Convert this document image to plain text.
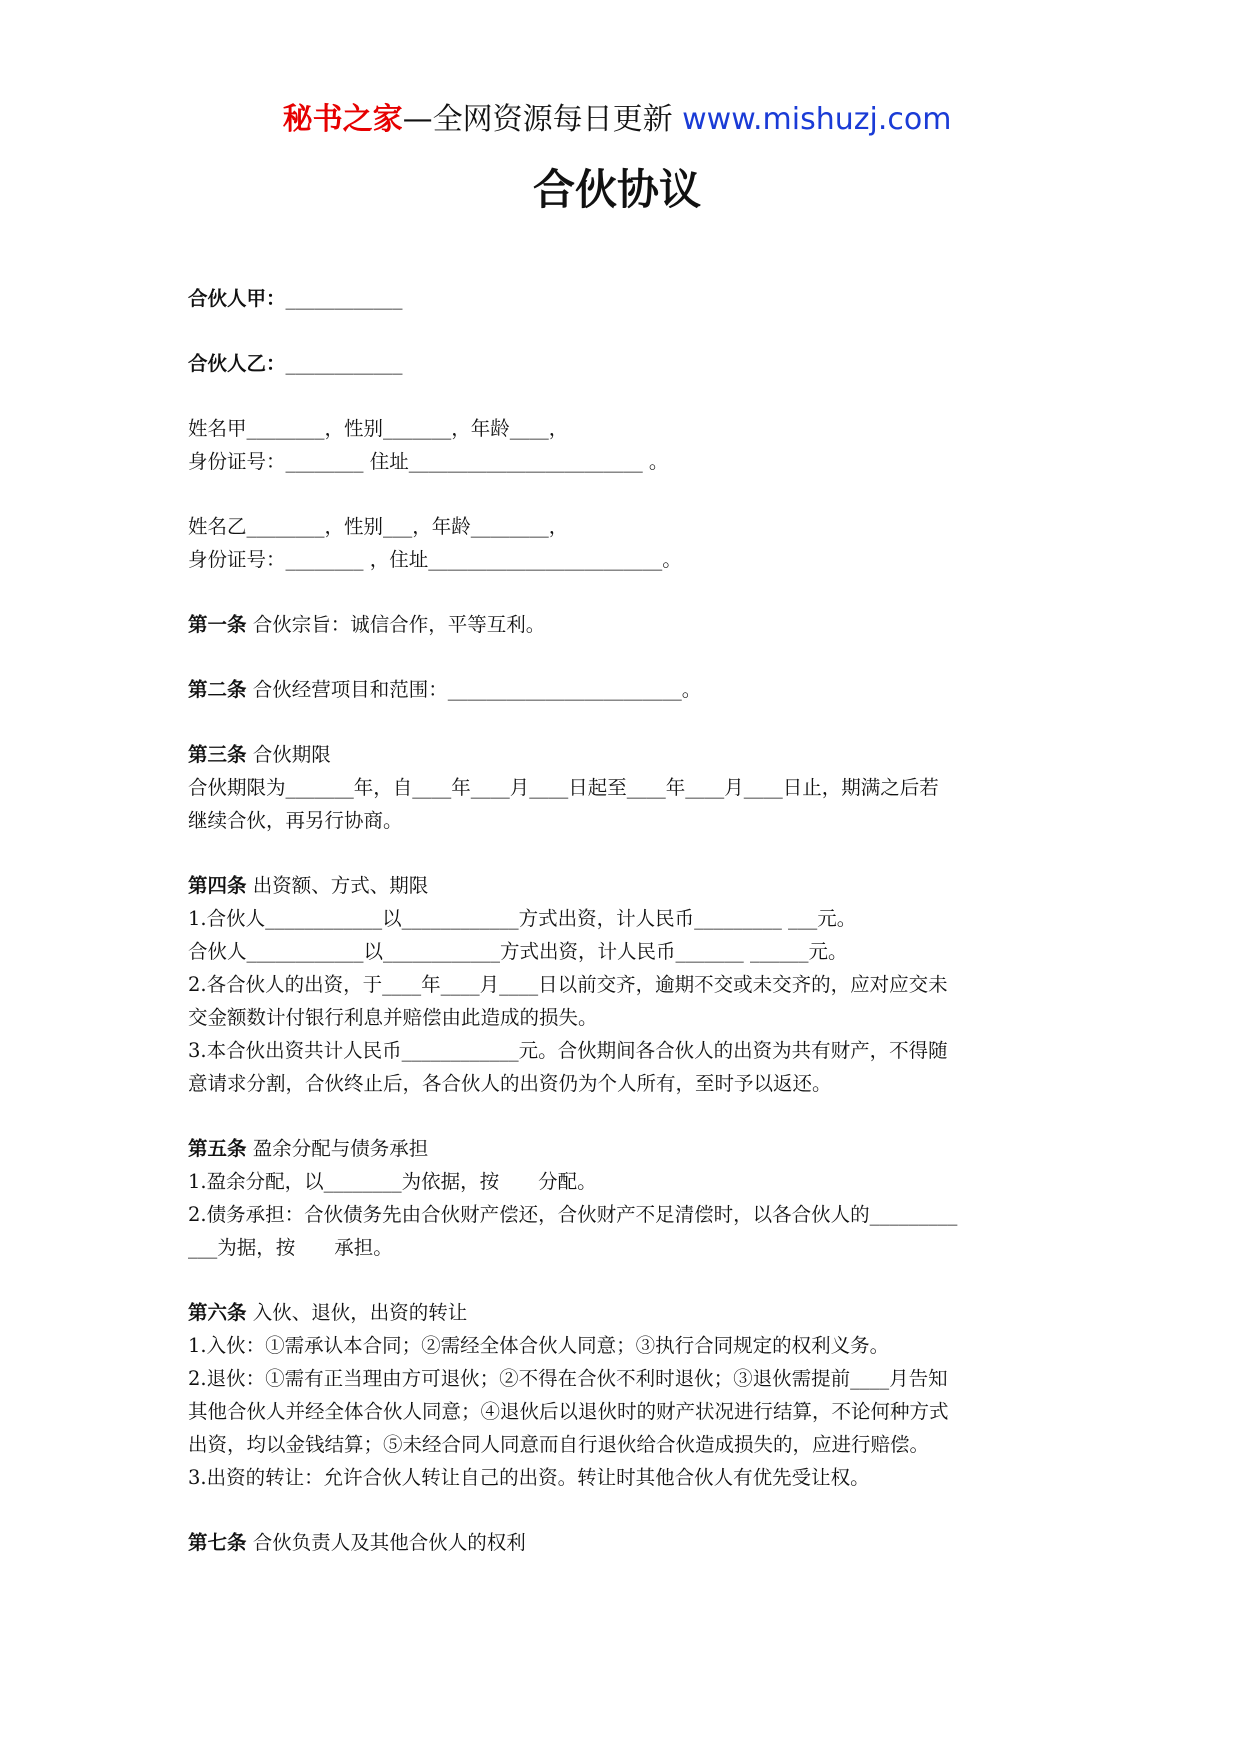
秘书之家—全网资源每日更新 www.mishuzj.com
合伙协议

合伙人甲：____________

合伙人乙：____________

姓名甲________，性别_______，年龄____，

身份证号：________ 住址________________________ 。

姓名乙________，性别___，年龄________，

身份证号：________ ，住址________________________。

第一条 合伙宗旨：诚信合作，平等互利。

第二条 合伙经营项目和范围：________________________。

第三条 合伙期限

合伙期限为_______年，自____年____月____日起至____年____月____日止，期满之后若

继续合伙，再另行协商。

第四条 出资额、方式、期限

1.合伙人____________以____________方式出资，计人民币_________ ___元。

合伙人____________以____________方式出资，计人民币_______ ______元。

2.各合伙人的出资，于____年____月____日以前交齐，逾期不交或未交齐的，应对应交未

交金额数计付银行利息并赔偿由此造成的损失。

3.本合伙出资共计人民币____________元。合伙期间各合伙人的出资为共有财产，不得随

意请求分割，合伙终止后，各合伙人的出资仍为个人所有，至时予以返还。

第五条 盈余分配与债务承担

1.盈余分配，以________为依据，按　　分配。

2.债务承担：合伙债务先由合伙财产偿还，合伙财产不足清偿时，以各合伙人的_________

___为据，按　　承担。

第六条 入伙、退伙，出资的转让

1.入伙：①需承认本合同；②需经全体合伙人同意；③执行合同规定的权利义务。

2.退伙：①需有正当理由方可退伙；②不得在合伙不利时退伙；③退伙需提前____月告知

其他合伙人并经全体合伙人同意；④退伙后以退伙时的财产状况进行结算，不论何种方式

出资，均以金钱结算；⑤未经合同人同意而自行退伙给合伙造成损失的，应进行赔偿。

3.出资的转让：允许合伙人转让自己的出资。转让时其他合伙人有优先受让权。

第七条 合伙负责人及其他合伙人的权利
